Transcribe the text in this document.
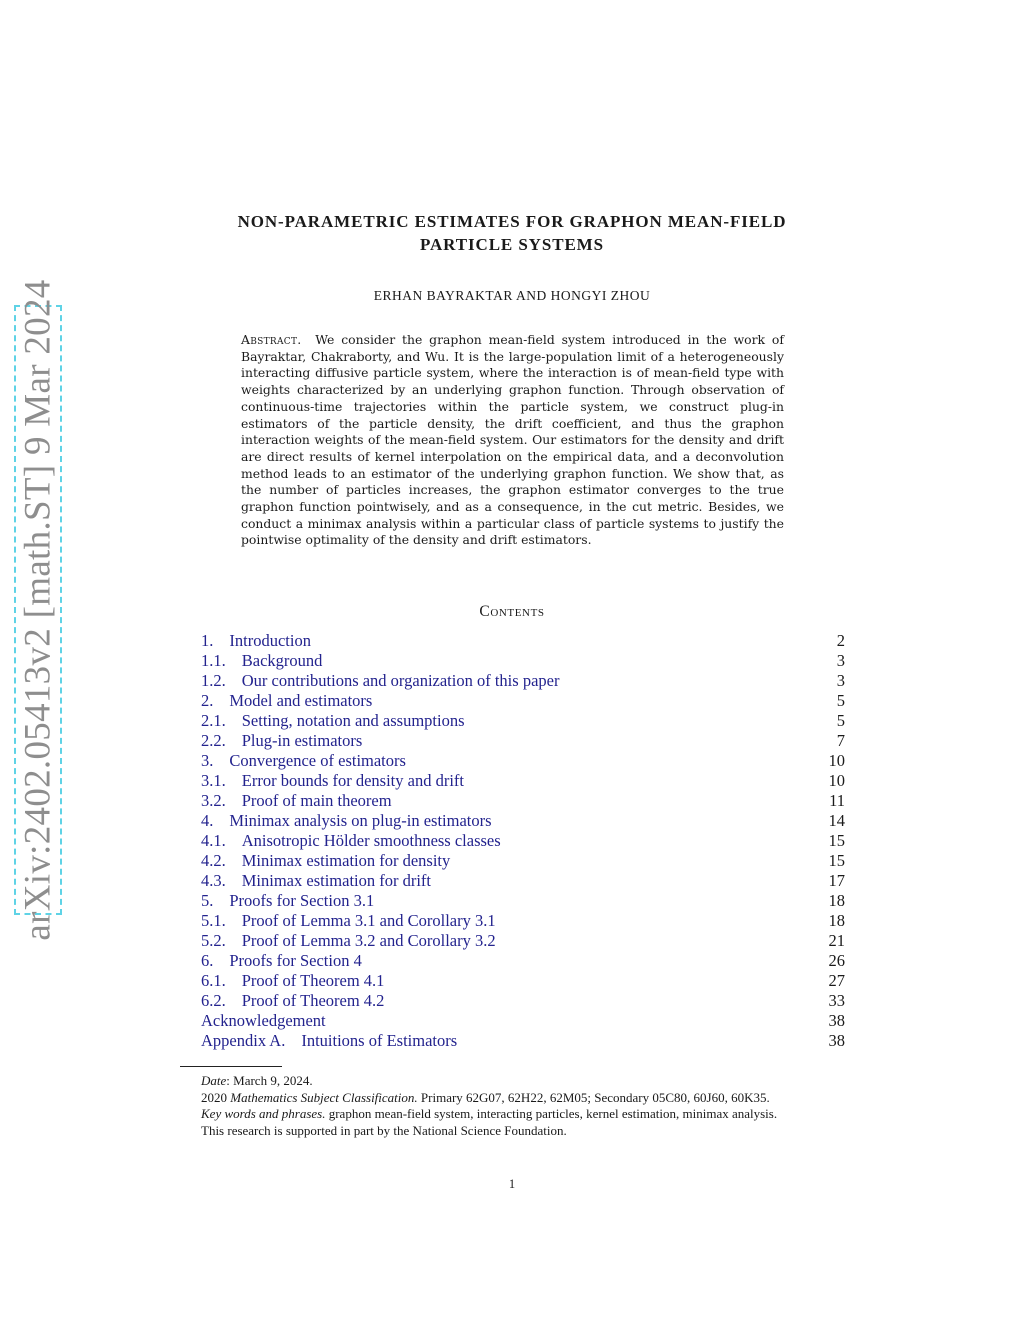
arXiv:2402.05413v2 [math.ST] 9 Mar 2024
NON-PARAMETRIC ESTIMATES FOR GRAPHON MEAN-FIELD
PARTICLE SYSTEMS
ERHAN BAYRAKTAR AND HONGYI ZHOU

Abstract. We consider the graphon mean-field system introduced in the work of Bayraktar, Chakraborty, and Wu. It is the large-population limit of a heterogeneously interacting diffusive particle system, where the interaction is of mean-field type with weights characterized by an underlying graphon function. Through observation of continuous-time trajectories within the particle system, we construct plug-in estimators of the particle density, the drift coefficient, and thus the graphon interaction weights of the mean-field system. Our estimators for the density and drift are direct results of kernel interpolation on the empirical data, and a deconvolution method leads to an estimator of the underlying graphon function. We show that, as the number of particles increases, the graphon estimator converges to the true graphon function pointwisely, and as a consequence, in the cut metric. Besides, we conduct a minimax analysis within a particular class of particle systems to justify the pointwise optimality of the density and drift estimators.

Contents
1. Introduction	2
1.1. Background	3
1.2. Our contributions and organization of this paper	3
2. Model and estimators	5
2.1. Setting, notation and assumptions	5
2.2. Plug-in estimators	7
3. Convergence of estimators	10
3.1. Error bounds for density and drift	10
3.2. Proof of main theorem	11
4. Minimax analysis on plug-in estimators	14
4.1. Anisotropic Hölder smoothness classes	15
4.2. Minimax estimation for density	15
4.3. Minimax estimation for drift	17
5. Proofs for Section 3.1	18
5.1. Proof of Lemma 3.1 and Corollary 3.1	18
5.2. Proof of Lemma 3.2 and Corollary 3.2	21
6. Proofs for Section 4	26
6.1. Proof of Theorem 4.1	27
6.2. Proof of Theorem 4.2	33
Acknowledgement	38
Appendix A. Intuitions of Estimators	38

Date: March 9, 2024.

2020 Mathematics Subject Classification. Primary 62G07, 62H22, 62M05; Secondary 05C80, 60J60, 60K35.

Key words and phrases. graphon mean-field system, interacting particles, kernel estimation, minimax analysis.

This research is supported in part by the National Science Foundation.

1
